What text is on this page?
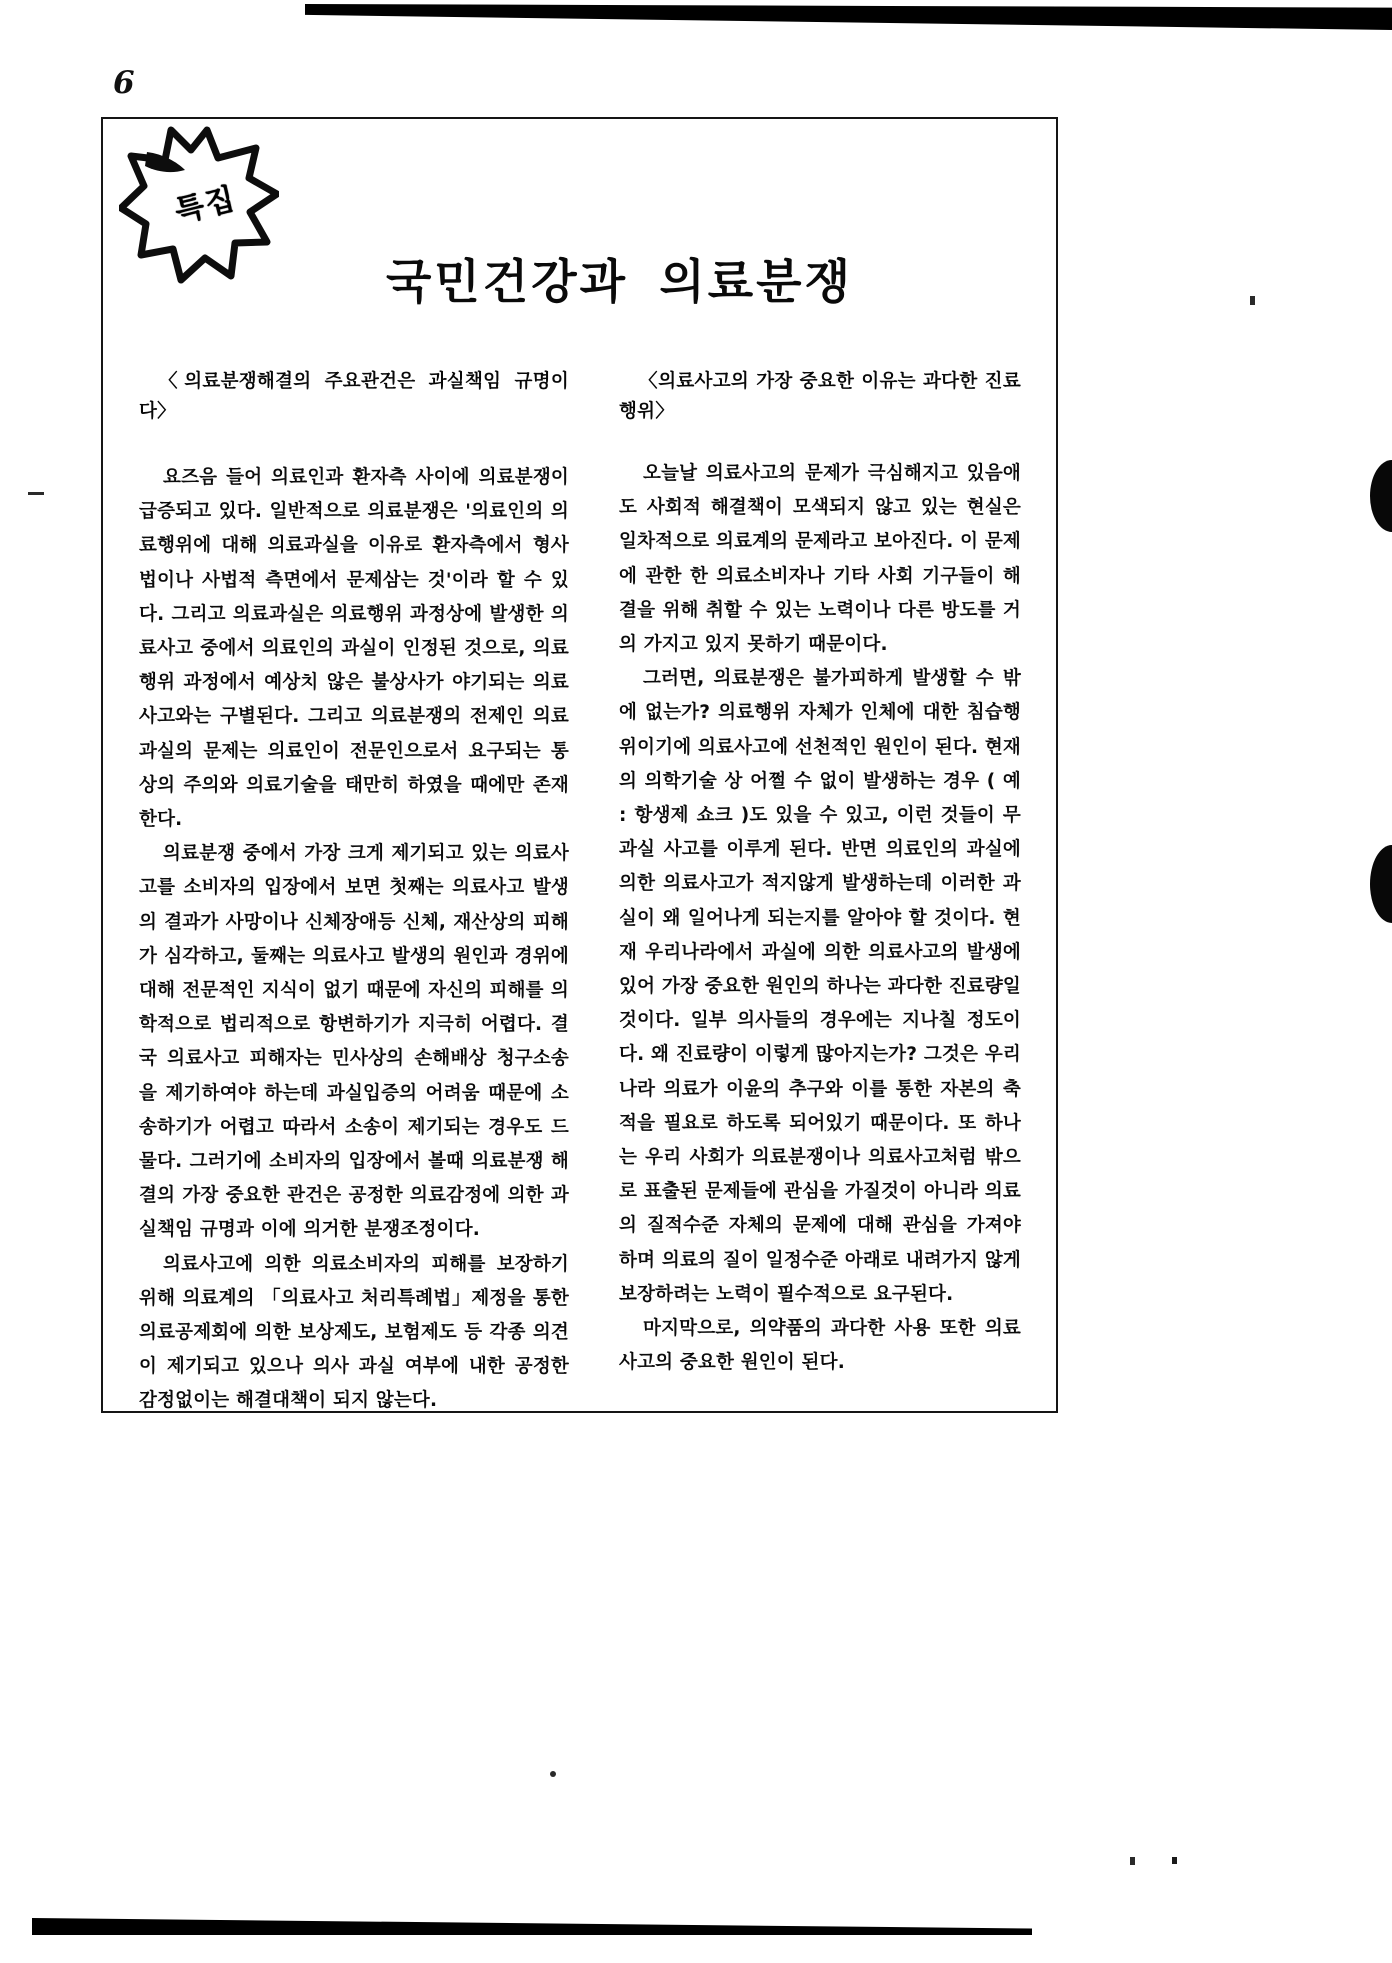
6
특집
국민건강과 의료분쟁

〈의료분쟁해결의 주요관건은 과실책임 규명이다〉

요즈음 들어 의료인과 환자측 사이에 의료분쟁이 급증되고 있다. 일반적으로 의료분쟁은 '의료인의 의료행위에 대해 의료과실을 이유로 환자측에서 형사법이나 사법적 측면에서 문제삼는 것'이라 할 수 있다. 그리고 의료과실은 의료행위 과정상에 발생한 의료사고 중에서 의료인의 과실이 인정된 것으로, 의료행위 과정에서 예상치 않은 불상사가 야기되는 의료사고와는 구별된다. 그리고 의료분쟁의 전제인 의료과실의 문제는 의료인이 전문인으로서 요구되는 통상의 주의와 의료기술을 태만히 하였을 때에만 존재한다.

의료분쟁 중에서 가장 크게 제기되고 있는 의료사고를 소비자의 입장에서 보면 첫째는 의료사고 발생의 결과가 사망이나 신체장애등 신체, 재산상의 피해가 심각하고, 둘째는 의료사고 발생의 원인과 경위에 대해 전문적인 지식이 없기 때문에 자신의 피해를 의학적으로 법리적으로 항변하기가 지극히 어렵다. 결국 의료사고 피해자는 민사상의 손해배상 청구소송을 제기하여야 하는데 과실입증의 어려움 때문에 소송하기가 어렵고 따라서 소송이 제기되는 경우도 드물다. 그러기에 소비자의 입장에서 볼때 의료분쟁 해결의 가장 중요한 관건은 공정한 의료감정에 의한 과실책임 규명과 이에 의거한 분쟁조정이다.

의료사고에 의한 의료소비자의 피해를 보장하기 위해 의료계의 「의료사고 처리특례법」제정을 통한 의료공제회에 의한 보상제도, 보험제도 등 각종 의견이 제기되고 있으나 의사 과실 여부에 내한 공정한 감정없이는 해결대책이 되지 않는다.

〈의료사고의 가장 중요한 이유는 과다한 진료행위〉

오늘날 의료사고의 문제가 극심해지고 있음애도 사회적 해결책이 모색되지 않고 있는 현실은 일차적으로 의료계의 문제라고 보아진다. 이 문제에 관한 한 의료소비자나 기타 사회 기구들이 해결을 위해 취할 수 있는 노력이나 다른 방도를 거의 가지고 있지 못하기 때문이다.

그러면, 의료분쟁은 불가피하게 발생할 수 밖에 없는가? 의료행위 자체가 인체에 대한 침습행위이기에 의료사고에 선천적인 원인이 된다. 현재의 의학기술 상 어쩔 수 없이 발생하는 경우 ( 예 : 항생제 쇼크 )도 있을 수 있고, 이런 것들이 무과실 사고를 이루게 된다. 반면 의료인의 과실에 의한 의료사고가 적지않게 발생하는데 이러한 과실이 왜 일어나게 되는지를 알아야 할 것이다. 현재 우리나라에서 과실에 의한 의료사고의 발생에 있어 가장 중요한 원인의 하나는 과다한 진료량일 것이다. 일부 의사들의 경우에는 지나칠 정도이다. 왜 진료량이 이렇게 많아지는가? 그것은 우리나라 의료가 이윤의 추구와 이를 통한 자본의 축적을 필요로 하도록 되어있기 때문이다. 또 하나는 우리 사회가 의료분쟁이나 의료사고처럼 밖으로 표출된 문제들에 관심을 가질것이 아니라 의료의 질적수준 자체의 문제에 대해 관심을 가져야 하며 의료의 질이 일정수준 아래로 내려가지 않게 보장하려는 노력이 필수적으로 요구된다.

마지막으로, 의약품의 과다한 사용 또한 의료사고의 중요한 원인이 된다.
